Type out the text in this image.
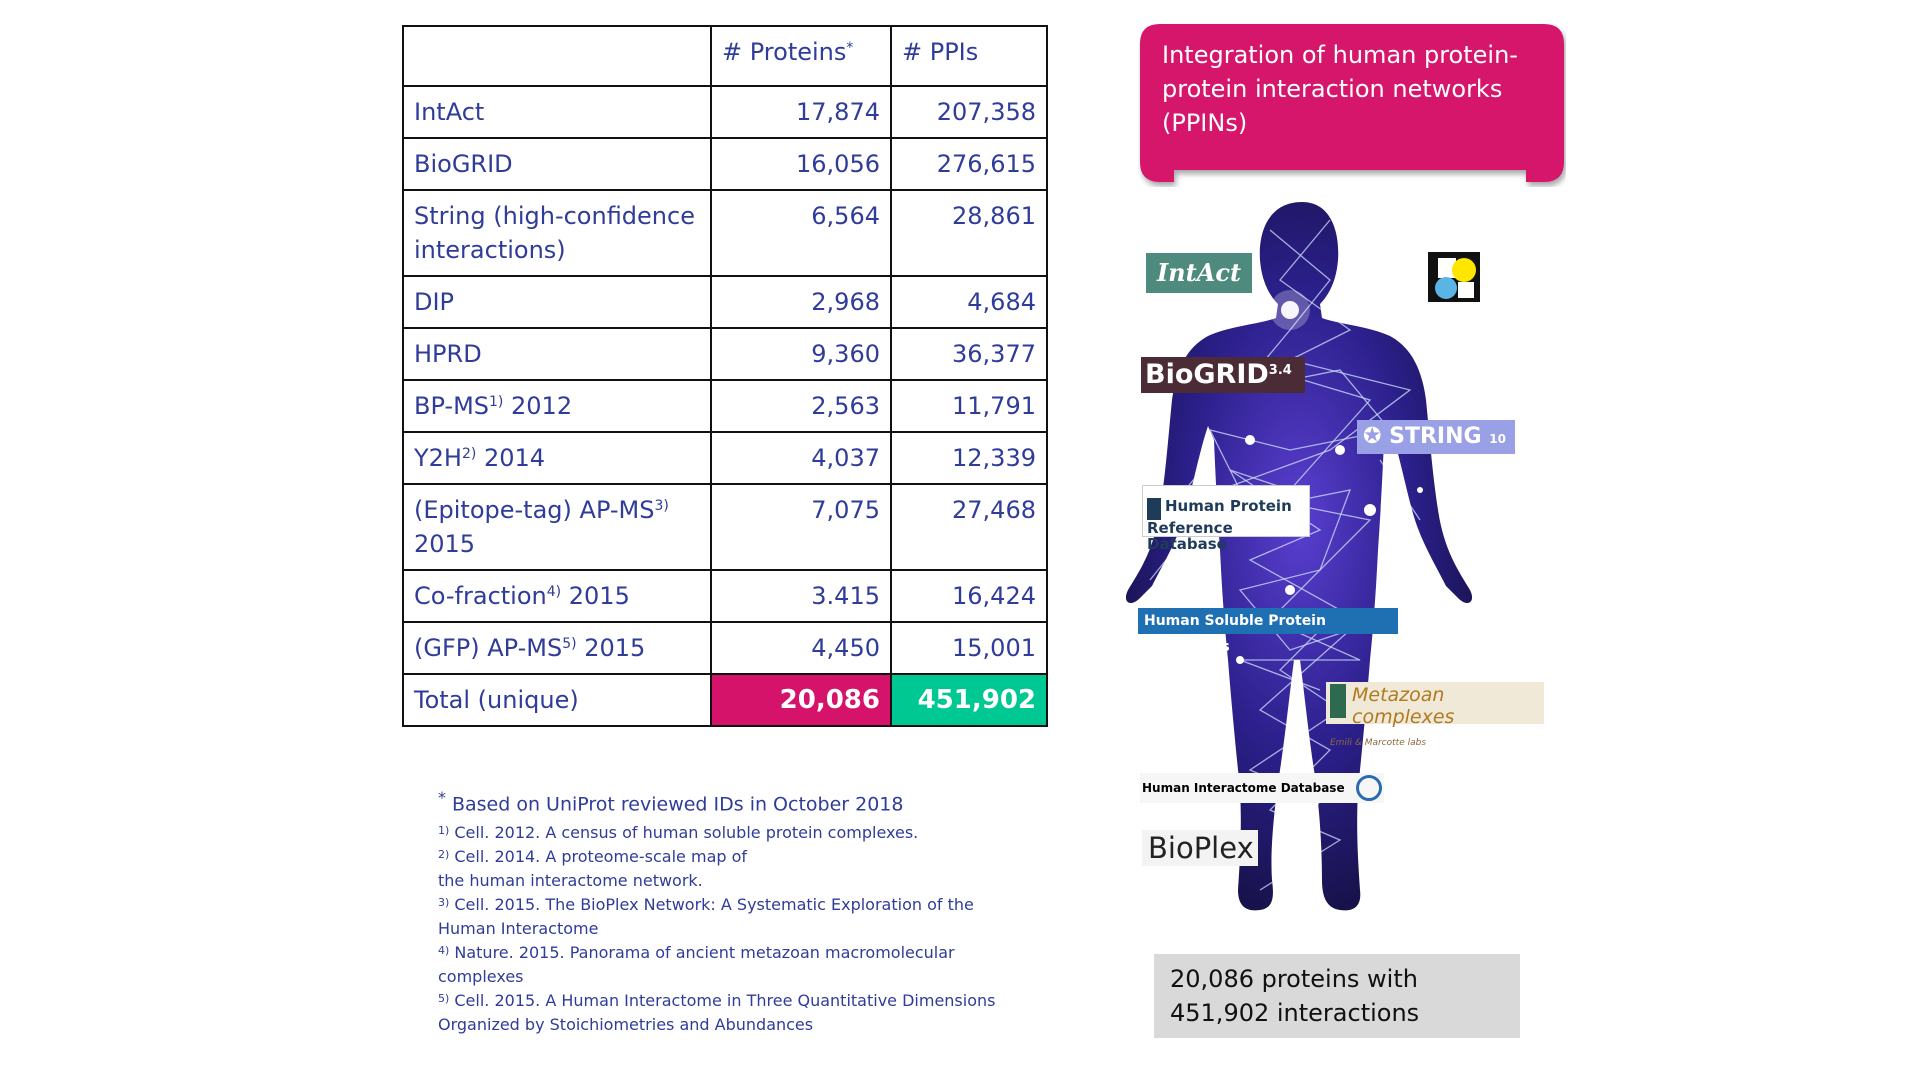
	# Proteins*	# PPIs
IntAct	17,874	207,358
BioGRID	16,056	276,615
String (high-confidence interactions)	6,564	28,861
DIP	2,968	4,684
HPRD	9,360	36,377
BP-MS$^{1)}$ 2012	2,563	11,791
$Y2H^{2)}$ 2014	4,037	12,339
(Epitope-tag) AP-MS$^{3)}$ 2015	7,075	27,468
Co-fraction$^{4)}$ 2015	3.415	16,424
(GFP) AP-MS$^{5)}$ 2015	4,450	15,001
Total (unique)	20,086	451,902
* Based on UniProt reviewed IDs in October 2018
$^{1)}$ Cell. 2012. A census of human soluble protein complexes.
$^{2)}$ Cell. 2014. A proteome-scale map of
the human interactome network.
$^{3)}$ Cell. 2015. The BioPlex Network: A Systematic Exploration of the
Human Interactome
$^{4)}$ Nature. 2015. Panorama of ancient metazoan macromolecular
complexes
$^{5)}$ Cell. 2015. A Human Interactome in Three Quantitative Dimensions
Organized by Stoichiometries and Abundances
Integration of human protein-protein interaction networks (PPINs)
IntAct
BioGRID$^{3.4}$
✪ STRING 10
Human Protein
Reference Database
Human Soluble Protein Complexes
Metazoan complexes
Emili & Marcotte labs
Human Interactome Database
BioPlex
20,086 proteins with 451,902 interactions
